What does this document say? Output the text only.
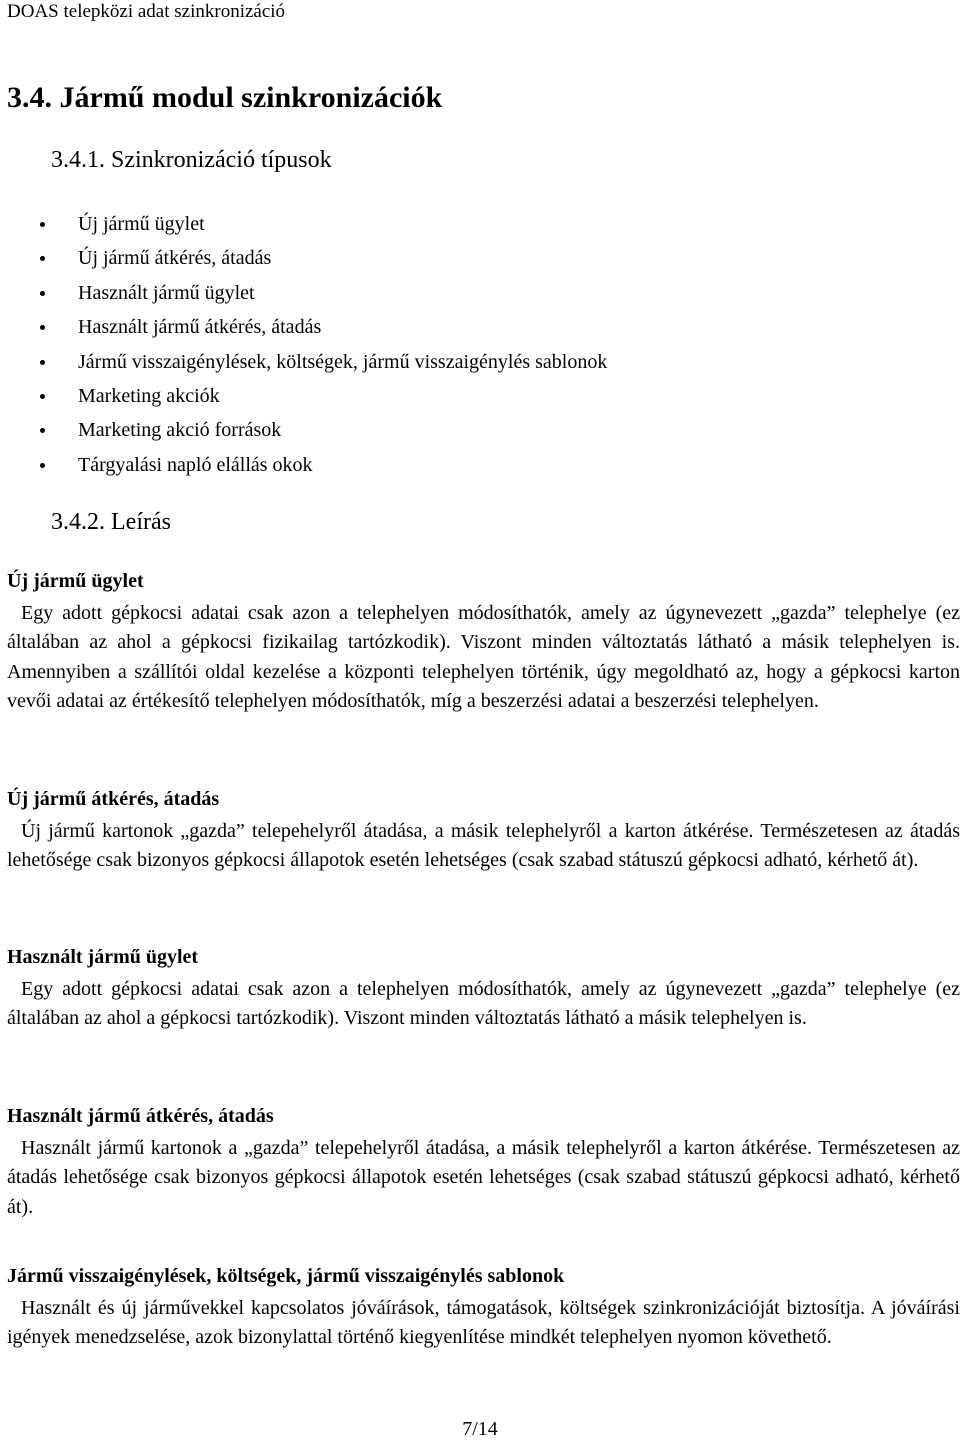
DOAS telepközi adat szinkronizáció
3.4. Jármű modul szinkronizációk
3.4.1. Szinkronizáció típusok
Új jármű ügylet
Új jármű átkérés, átadás
Használt jármű ügylet
Használt jármű átkérés, átadás
Jármű visszaigénylések, költségek, jármű visszaigénylés sablonok
Marketing akciók
Marketing akció források
Tárgyalási napló elállás okok
3.4.2. Leírás
Új jármű ügylet

Egy adott gépkocsi adatai csak azon a telephelyen módosíthatók, amely az úgynevezett „gazda” telephelye (ez általában az ahol a gépkocsi fizikailag tartózkodik). Viszont minden változtatás látható a másik telephelyen is. Amennyiben a szállítói oldal kezelése a központi telephelyen történik, úgy megoldható az, hogy a gépkocsi karton vevői adatai az értékesítő telephelyen módosíthatók, míg a beszerzési adatai a beszerzési telephelyen.

Új jármű átkérés, átadás

Új jármű kartonok „gazda” telepehelyről átadása, a másik telephelyről a karton átkérése. Természetesen az átadás lehetősége csak bizonyos gépkocsi állapotok esetén lehetséges (csak szabad státuszú gépkocsi adható, kérhető át).

Használt jármű ügylet

Egy adott gépkocsi adatai csak azon a telephelyen módosíthatók, amely az úgynevezett „gazda” telephelye (ez általában az ahol a gépkocsi tartózkodik). Viszont minden változtatás látható a másik telephelyen is.

Használt jármű átkérés, átadás

Használt jármű kartonok a „gazda” telepehelyről átadása, a másik telephelyről a karton átkérése. Természetesen az átadás lehetősége csak bizonyos gépkocsi állapotok esetén lehetséges (csak szabad státuszú gépkocsi adható, kérhető át).

Jármű visszaigénylések, költségek, jármű visszaigénylés sablonok

Használt és új járművekkel kapcsolatos jóváírások, támogatások, költségek szinkronizációját biztosítja. A jóváírási igények menedzselése, azok bizonylattal történő kiegyenlítése mindkét telephelyen nyomon követhető.

7/14
